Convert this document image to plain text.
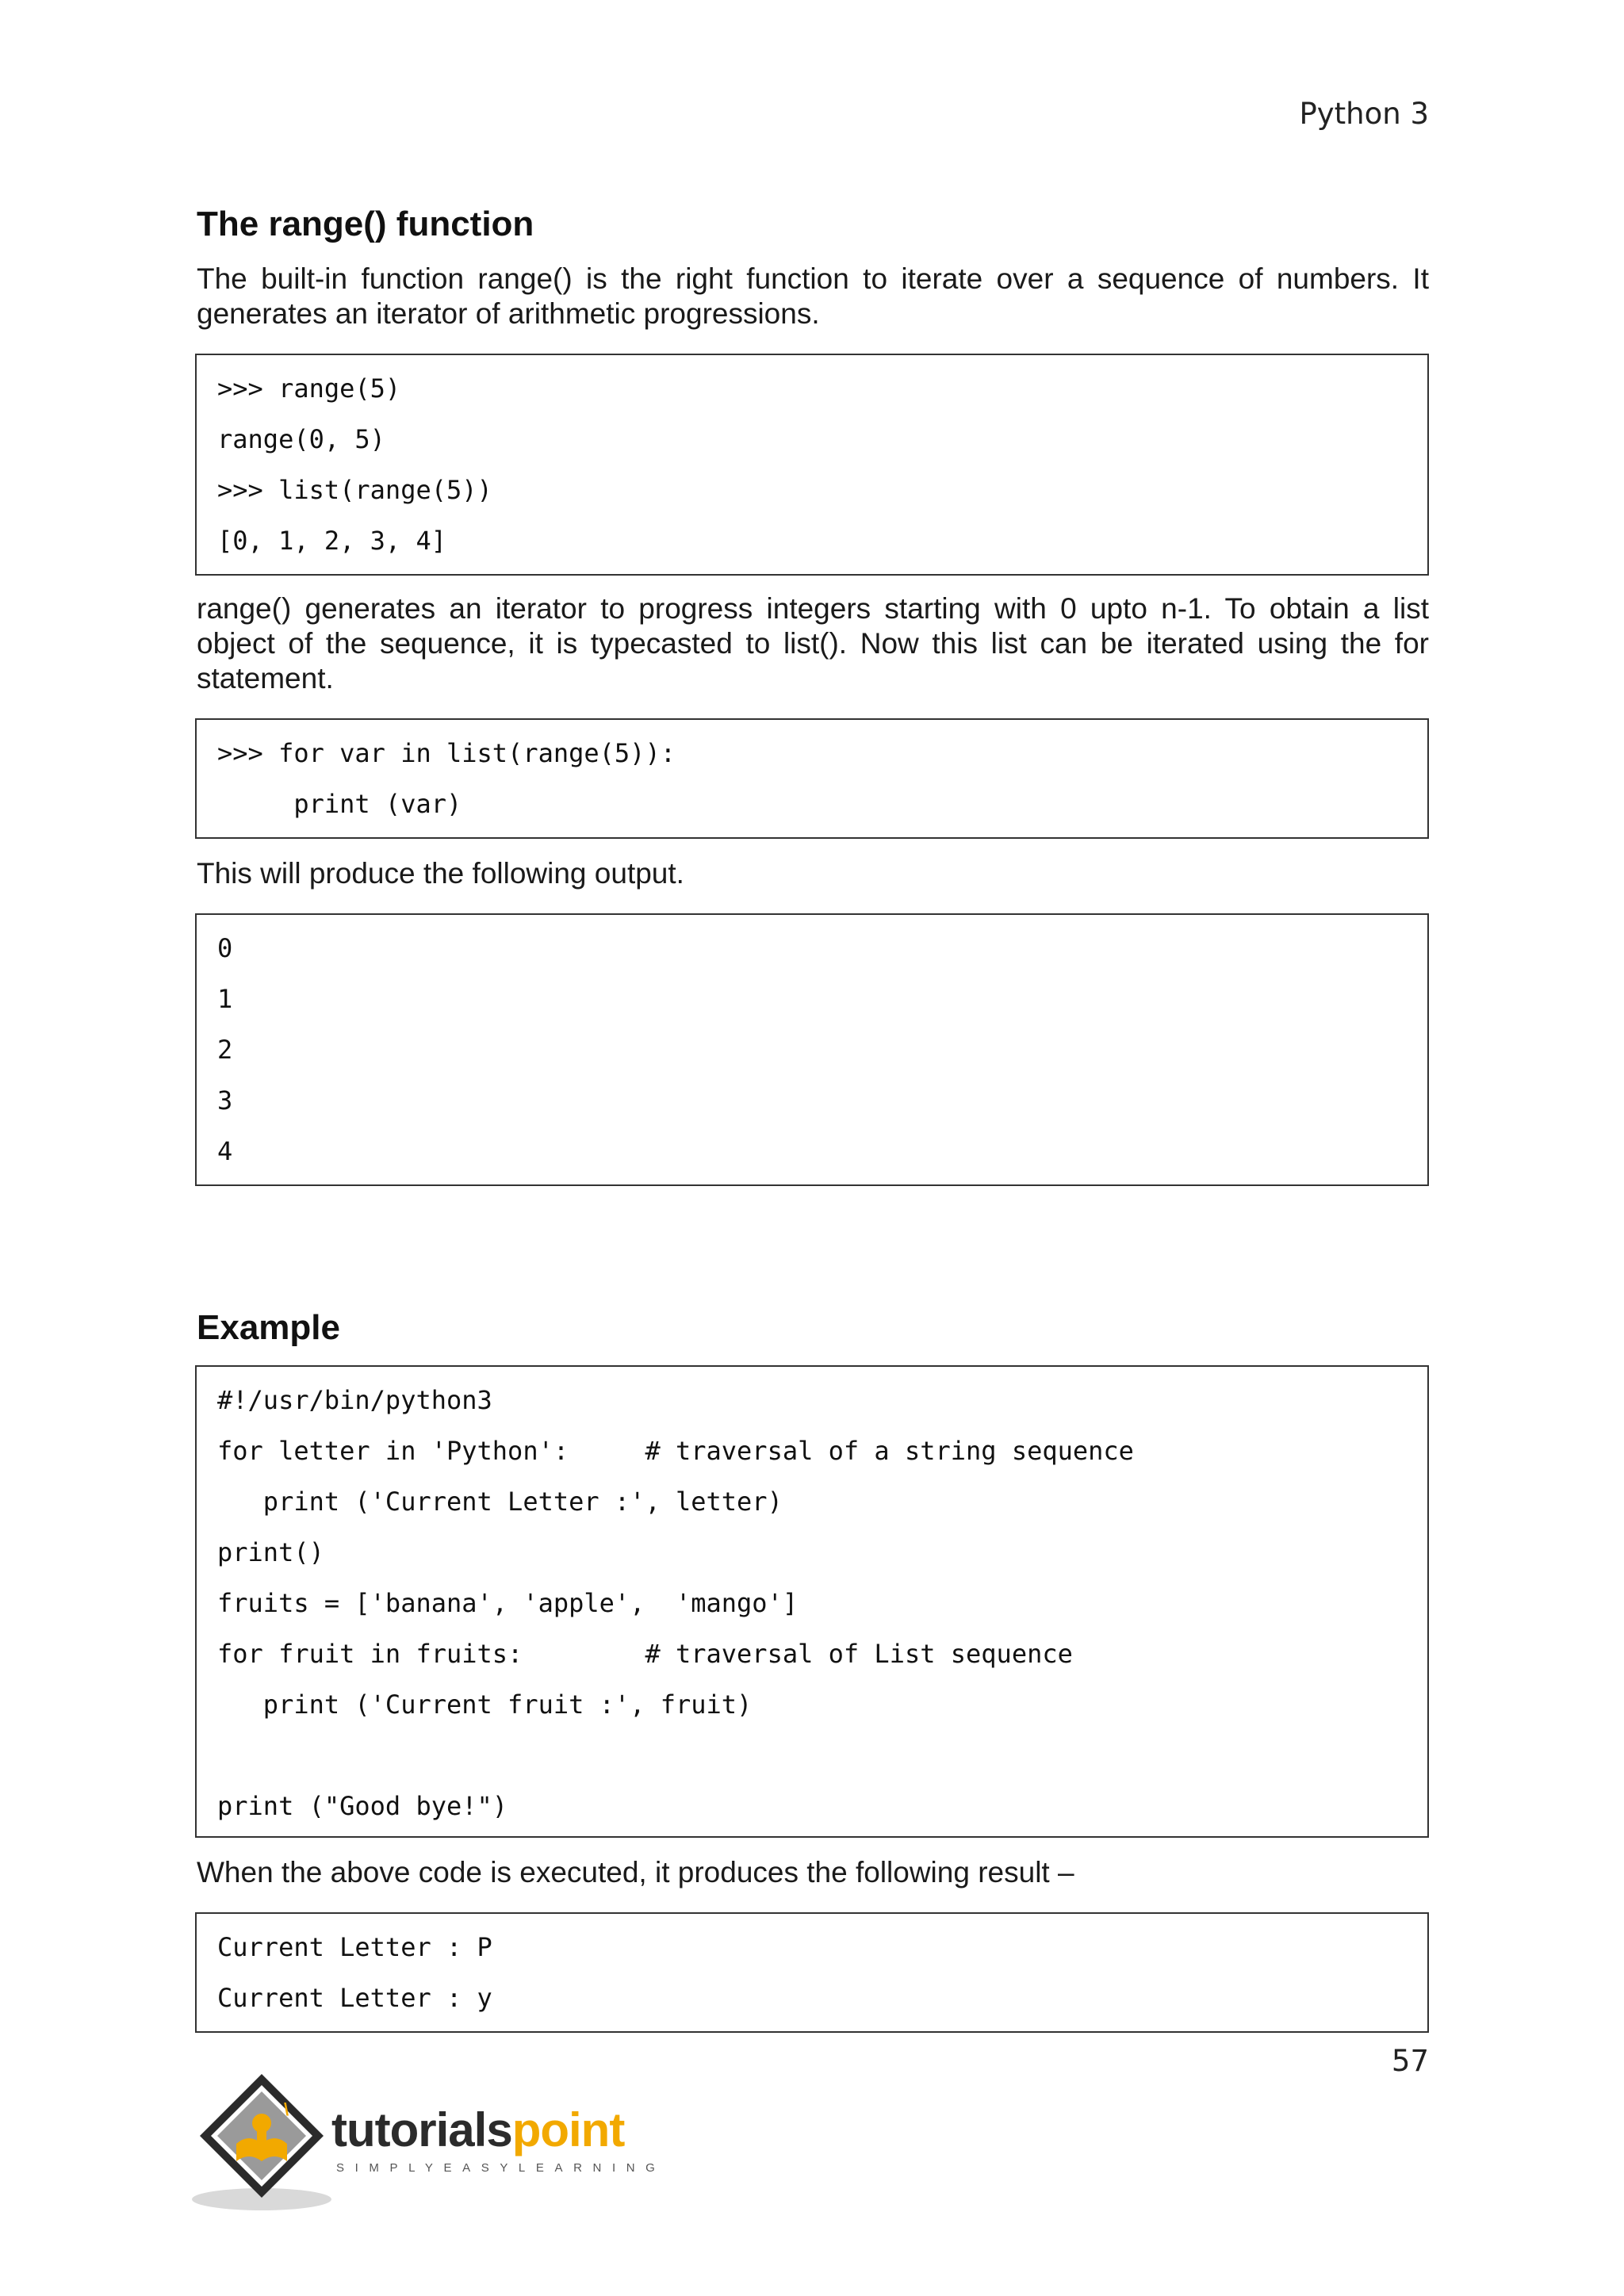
Python 3
The range() function
The built-in function range() is the right function to iterate over a sequence of numbers. It generates an iterator of arithmetic progressions.
>>> range(5)
range(0, 5)
>>> list(range(5))
[0, 1, 2, 3, 4]
range() generates an iterator to progress integers starting with 0 upto n-1. To obtain a list object of the sequence, it is typecasted to list(). Now this list can be iterated using the for statement.
>>> for var in list(range(5)):
print (var)
This will produce the following output.
0
1
2
3
4
Example
#!/usr/bin/python3
for letter in 'Python':     # traversal of a string sequence
print ('Current Letter :', letter)
print()
fruits = ['banana', 'apple',  'mango']
for fruit in fruits:        # traversal of List sequence
print ('Current fruit :', fruit)
print ("Good bye!")
When the above code is executed, it produces the following result –
Current Letter : P
Current Letter : y
57
\ tutorialspoint
SIMPLYEASYLEARNING
